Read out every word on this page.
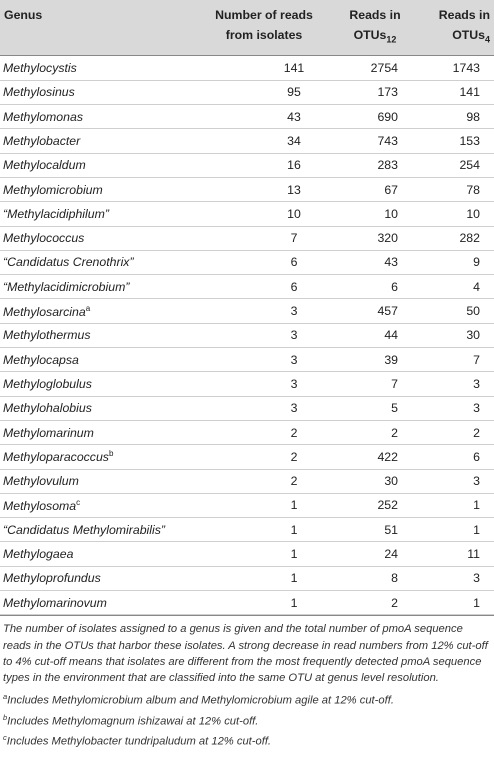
Genus	Number of reads from isolates	Reads in OTUs$_{12}$	Reads in OTUs$_4$
Methylocystis	141	2754	1743
Methylosinus	95	173	141
Methylomonas	43	690	98
Methylobacter	34	743	153
Methylocaldum	16	283	254
Methylomicrobium	13	67	78
“Methylacidiphilum”	10	10	10
Methylococcus	7	320	282
“Candidatus Crenothrix”	6	43	9
“Methylacidimicrobium”	6	6	4
Methylosarcina$^a$	3	457	50
Methylothermus	3	44	30
Methylocapsa	3	39	7
Methyloglobulus	3	7	3
Methylohalobius	3	5	3
Methylomarinum	2	2	2
Methyloparacoccus$^b$	2	422	6
Methylovulum	2	30	3
Methylosoma$^c$	1	252	1
“Candidatus Methylomirabilis”	1	51	1
Methylogaea	1	24	11
Methyloprofundus	1	8	3
Methylomarinovum	1	2	1

The number of isolates assigned to a genus is given and the total number of pmoA sequence reads in the OTUs that harbor these isolates. A strong decrease in read numbers from 12% cut-off to 4% cut-off means that isolates are different from the most frequently detected pmoA sequence types in the environment that are classified into the same OTU at genus level resolution.

$^a$Includes Methylomicrobium album and Methylomicrobium agile at 12% cut-off.

$^b$Includes Methylomagnum ishizawai at 12% cut-off.

$^c$Includes Methylobacter tundripaludum at 12% cut-off.
